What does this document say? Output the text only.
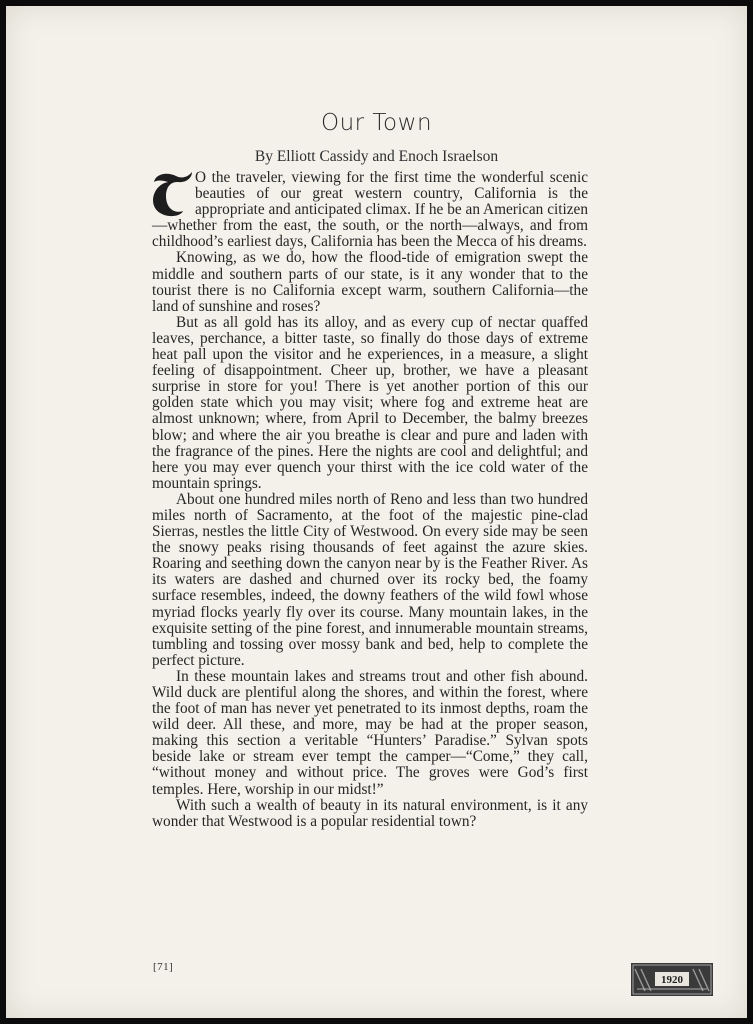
Our Town
By Elliott Cassidy and Enoch Israelson

T
O the traveler, viewing for the first time the wonderful scenic beauties of our great western country, California is the appropriate and anticipated climax. If he be an American citizen—whether from the east, the south, or the north—always, and from childhood’s earliest days, California has been the Mecca of his dreams.

Knowing, as we do, how the flood-tide of emigration swept the middle and southern parts of our state, is it any wonder that to the tourist there is no California except warm, southern California—the land of sunshine and roses?

But as all gold has its alloy, and as every cup of nectar quaffed leaves, perchance, a bitter taste, so finally do those days of extreme heat pall upon the visitor and he experiences, in a measure, a slight feeling of disappointment. Cheer up, brother, we have a pleasant surprise in store for you! There is yet another portion of this our golden state which you may visit; where fog and extreme heat are almost unknown; where, from April to December, the balmy breezes blow; and where the air you breathe is clear and pure and laden with the fragrance of the pines. Here the nights are cool and delightful; and here you may ever quench your thirst with the ice cold water of the mountain springs.

About one hundred miles north of Reno and less than two hundred miles north of Sacramento, at the foot of the majestic pine-clad Sierras, nestles the little City of Westwood. On every side may be seen the snowy peaks rising thousands of feet against the azure skies. Roaring and seething down the canyon near by is the Feather River. As its waters are dashed and churned over its rocky bed, the foamy surface resembles, indeed, the downy feathers of the wild fowl whose myriad flocks yearly fly over its course. Many mountain lakes, in the exquisite setting of the pine forest, and innumerable mountain streams, tumbling and tossing over mossy bank and bed, help to complete the perfect picture.

In these mountain lakes and streams trout and other fish abound. Wild duck are plentiful along the shores, and within the forest, where the foot of man has never yet penetrated to its inmost depths, roam the wild deer. All these, and more, may be had at the proper season, making this section a veritable “Hunters’ Paradise.” Sylvan spots beside lake or stream ever tempt the camper—“Come,” they call, “without money and without price. The groves were God’s first temples. Here, worship in our midst!”

With such a wealth of beauty in its natural environment, is it any wonder that Westwood is a popular residential town?

[71]
1920
